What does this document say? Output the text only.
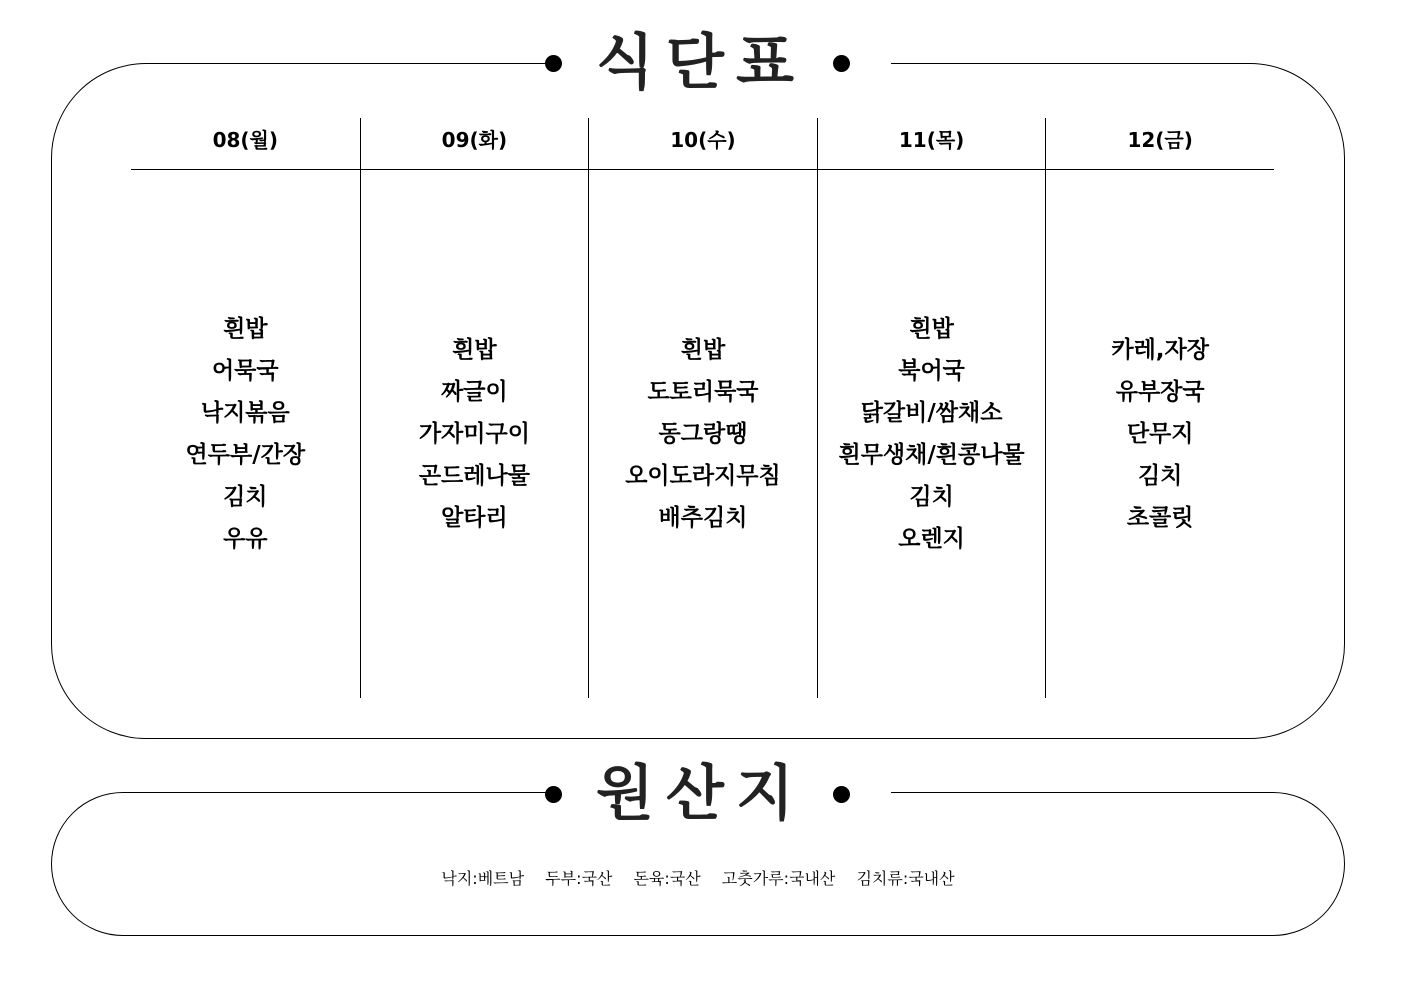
식단표
08(월)
흰밥
어묵국
낙지볶음
연두부/간장
김치
우유
09(화)
흰밥
짜글이
가자미구이
곤드레나물
알타리
10(수)
흰밥
도토리묵국
동그랑땡
오이도라지무침
배추김치
11(목)
흰밥
북어국
닭갈비/쌈채소
흰무생채/흰콩나물
김치
오렌지
12(금)
카레,자장
유부장국
단무지
김치
초콜릿
원산지
낙지:베트남 두부:국산 돈육:국산 고춧가루:국내산 김치류:국내산
